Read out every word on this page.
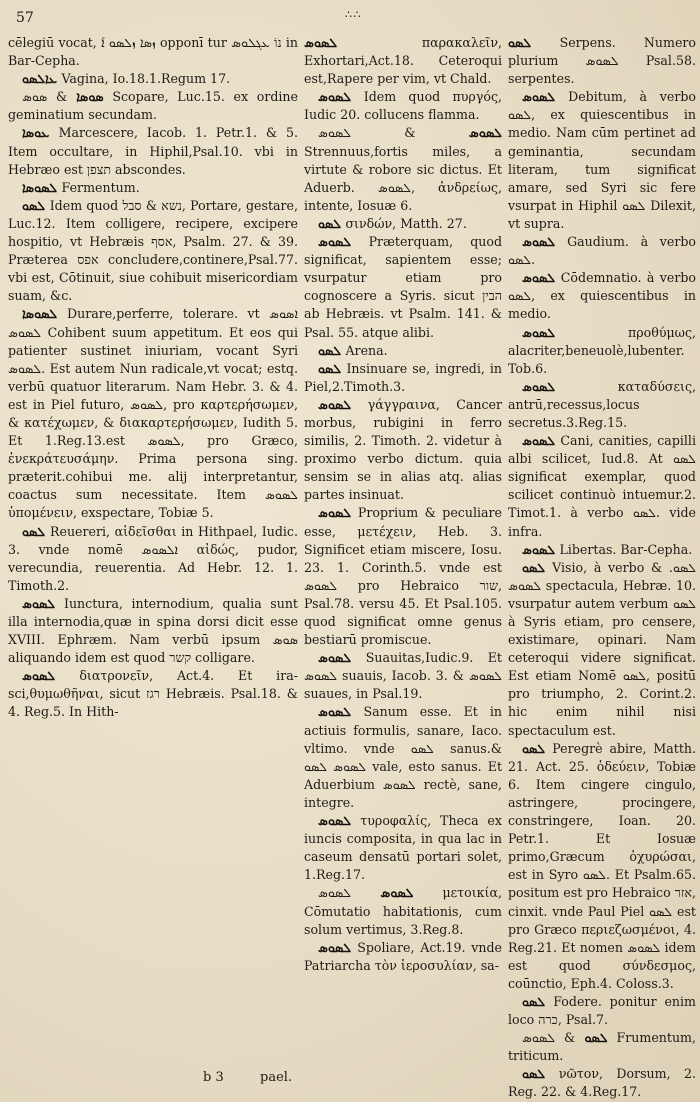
57	∴ ∴

cēlegiū vocat, ܙܣܐ ܙܠܣܘ ܐܰ opponī tur נוֹ ܥܓܠܘܣ in Bar-Cepha.

ܥܐܠܣܘ Vagina, Io.18.1.Regum 17.

ܣܘܣܐ & ܣܘܣ Scopare, Luc.15. ex ordine geminatium secundam.

ܥܘܣܐ Marcescere, Iacob. 1. Petr.1. & 5. Item occultare, in Hiphil,Psal.10. vbi in Hebræo est תצפן abscondes.

ܠܣܘܣܐ Fermentum.

ܠܣܘ Idem quod נשא & סבל, Portare, gestare, Luc.12. Item colligere, recipere, excipere hospitio, vt Hebræis אסף, Psalm. 27. & 39. Præterea אפס concludere,continere,Psal.77. vbi est, Cōtinuit, siue cohibuit misericordiam suam, &c.

ܠܣܘܣܐ Durare,perferre, tolerare. vt ܐܣܘܣ ܠܣܘܣ Cohibent suum appetitum. Et eos qui patienter sustinet iniuriam, vocant Syri ܠܣܘܣ. Est autem Nun radicale,vt vocat; estq. verbū quatuor literarum. Nam Hebr. 3. & 4. est in Piel futuro, ܠܣܘܣ, pro καρτερήσωμεν, & κατέχωμεν, & διακαρτερήσωμεν, Iudith 5. Et 1.Reg.13.est ܠܣܘܣ, pro Græco, ἐνεκράτευσάμην. Prima persona sing. præterit.cohibui me. alij interpretantur, coactus sum necessitate. Item ܠܣܘܣ ὑπομένειν, exspectare, Tobiæ 5.

ܠܣܘ Reuereri, αἰδεῖσθαι in Hithpael, Iudic. 3. vnde nomē ܐܠܣܘܣ αἰδώς, pudor, verecundia, reuerentia. Ad Hebr. 12. 1. Timoth.2.

ܠܣܘܣ Iunctura, internodium, qualia sunt illa internodia,quæ in spina dorsi dicit esse XVIII. Ephræm. Nam verbū ipsum ܣܘܣ aliquando idem est quod קשר colligare.

ܠܣܘܣ διατρονεῖν, Act.4. Et irasci,θυμωθῆναι, sicut רגז Hebræis. Psal.18. & 4. Reg.5. In Hith-

ܠܣܘܣ παρακαλεῖν, Exhortari,Act.18. Ceteroqui est,Rapere per vim, vt Chald.

ܠܣܘܣ Idem quod πυργός, Iudic 20. collucens flamma.

ܠܣܘܣ & ܠܣܘܣ Strennuus,fortis miles, a virtute & robore sic dictus. Et Aduerb. ܠܣܘܣ, ἀνδρείως, intente, Iosuæ 6.

ܠܣܘ σινδών, Matth. 27.

ܠܣܘܣ Præterquam, quod significat, sapientem esse; vsurpatur etiam pro cognoscere a Syris. sicut הבין ab Hebræis. vt Psalm. 141. & Psal. 55. atque alibi.

ܠܣܘ Arena.

ܠܣܘ Insinuare se, ingredi, in Piel,2.Timoth.3.

ܠܣܘܣ γάγγραινα, Cancer morbus, rubigini in ferro similis, 2. Timoth. 2. videtur à proximo verbo dictum. quia sensim se in alias atq. alias partes insinuat.

ܠܣܘܣ Proprium & peculiare esse, μετέχειν, Heb. 3. Significet etiam miscere, Iosu. 23. 1. Corinth.5. vnde est ܠܣܘܣ pro Hebraico שור, Psal.78. versu 45. Et Psal.105. quod significat omne genus bestiarū promiscue.

ܠܣܘܣ Suauitas,Iudic.9. Et ܠܣܘܣ suauis, Iacob. 3. & ܠܣܘܣ suaues, in Psal.19.

ܠܣܘܣ Sanum esse. Et in actiuis formulis, sanare, Iaco. vltimo. vnde ܠܣܘ sanus.& ܠܣܘܣ ܠܣܘ vale, esto sanus. Et Aduerbium ܠܣܘܣ rectè, sane, integre.

ܠܣܘܣ τυροφαλίς, Theca ex iuncis composita, in qua lac in caseum densatū portari solet, 1.Reg.17.

ܠܣܘܣ ܠܣܘܣ μετοικία, Cōmutatio habitationis, cum solum vertimus, 3.Reg.8.

ܠܣܘܣ Spoliare, Act.19. vnde Patriarcha τὸν ἱεροσυλίαν, sa-

ܠܣܘ Serpens. Numero plurium ܠܣܘܣ Psal.58. serpentes.

ܠܣܘܣ Debitum, à verbo ܠܣܘ, ex quiescentibus in medio. Nam cūm pertinet ad geminantia, secundam literam, tum significat amare, sed Syri sic fere vsurpat in Hiphil ܠܣܘ Dilexit, vt supra.

ܠܣܘܣ Gaudium. à verbo ܠܣܘ.

ܠܣܘܣ Cōdemnatio. à verbo ܠܣܘ, ex quiescentibus in medio.

ܠܣܘܣ προθύμως, alacriter,beneuolè,lubenter. Tob.6.

ܠܣܘܣ καταδύσεις, antrū,recessus,locus secretus.3.Reg.15.

ܠܣܘܣ Cani, canities, capilli albi scilicet, Iud.8. At ܠܣܘ significat exemplar, quod scilicet continuò intuemur.2. Timot.1. à verbo ܠܣܘ. vide infra.

ܠܣܘܣ Libertas. Bar-Cepha.

ܠܣܘ Visio, à verbo ܠܣܘ. & ܠܣܘܣ spectacula, Hebræ. 10. vsurpatur autem verbum ܠܣܘ à Syris etiam, pro censere, existimare, opinari. Nam ceteroqui videre significat. Est etiam Nomē ܠܣܘ, positū pro triumpho, 2. Corint.2. hic enim nihil nisi spectaculum est.

ܠܣܘ Peregrè abire, Matth. 21. Act. 25. ὁδεύειν, Tobiæ 6. Item cingere cingulo, astringere, procingere, constringere, Ioan. 20. Petr.1. Et Iosuæ primo,Græcum ὀχυρώσαι, est in Syro ܠܣܘ. Et Psalm.65. positum est pro Hebraico אזר, cinxit. vnde Paul Piel ܠܣܘ est pro Græco περιεζωσμένοι, 4. Reg.21. Et nomen ܠܣܘܣ idem est quod σύνδεσμος, coūnctio, Eph.4. Coloss.3.

ܠܣܘ Fodere. ponitur enim loco כרה, Psal.7.

ܠܣܘ & ܠܣܘܣ Frumentum, triticum.

ܠܣܘ νῶτον, Dorsum, 2. Reg. 22. & 4.Reg.17.

b 3	pael.
